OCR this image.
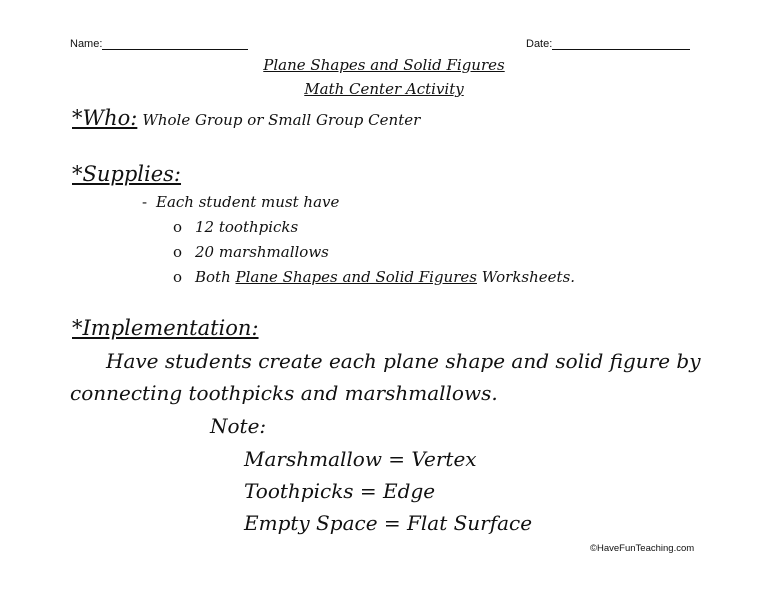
Name:	Date:
Plane Shapes and Solid Figures
Math Center Activity
*Who: Whole Group or Small Group Center
*Supplies:
- Each student must have
o 12 toothpicks
o 20 marshmallows
o Both Plane Shapes and Solid Figures Worksheets.
*Implementation:
Have students create each plane shape and solid figure by
connecting toothpicks and marshmallows.
Note:
Marshmallow = Vertex
Toothpicks = Edge
Empty Space = Flat Surface
©HaveFunTeaching.com
